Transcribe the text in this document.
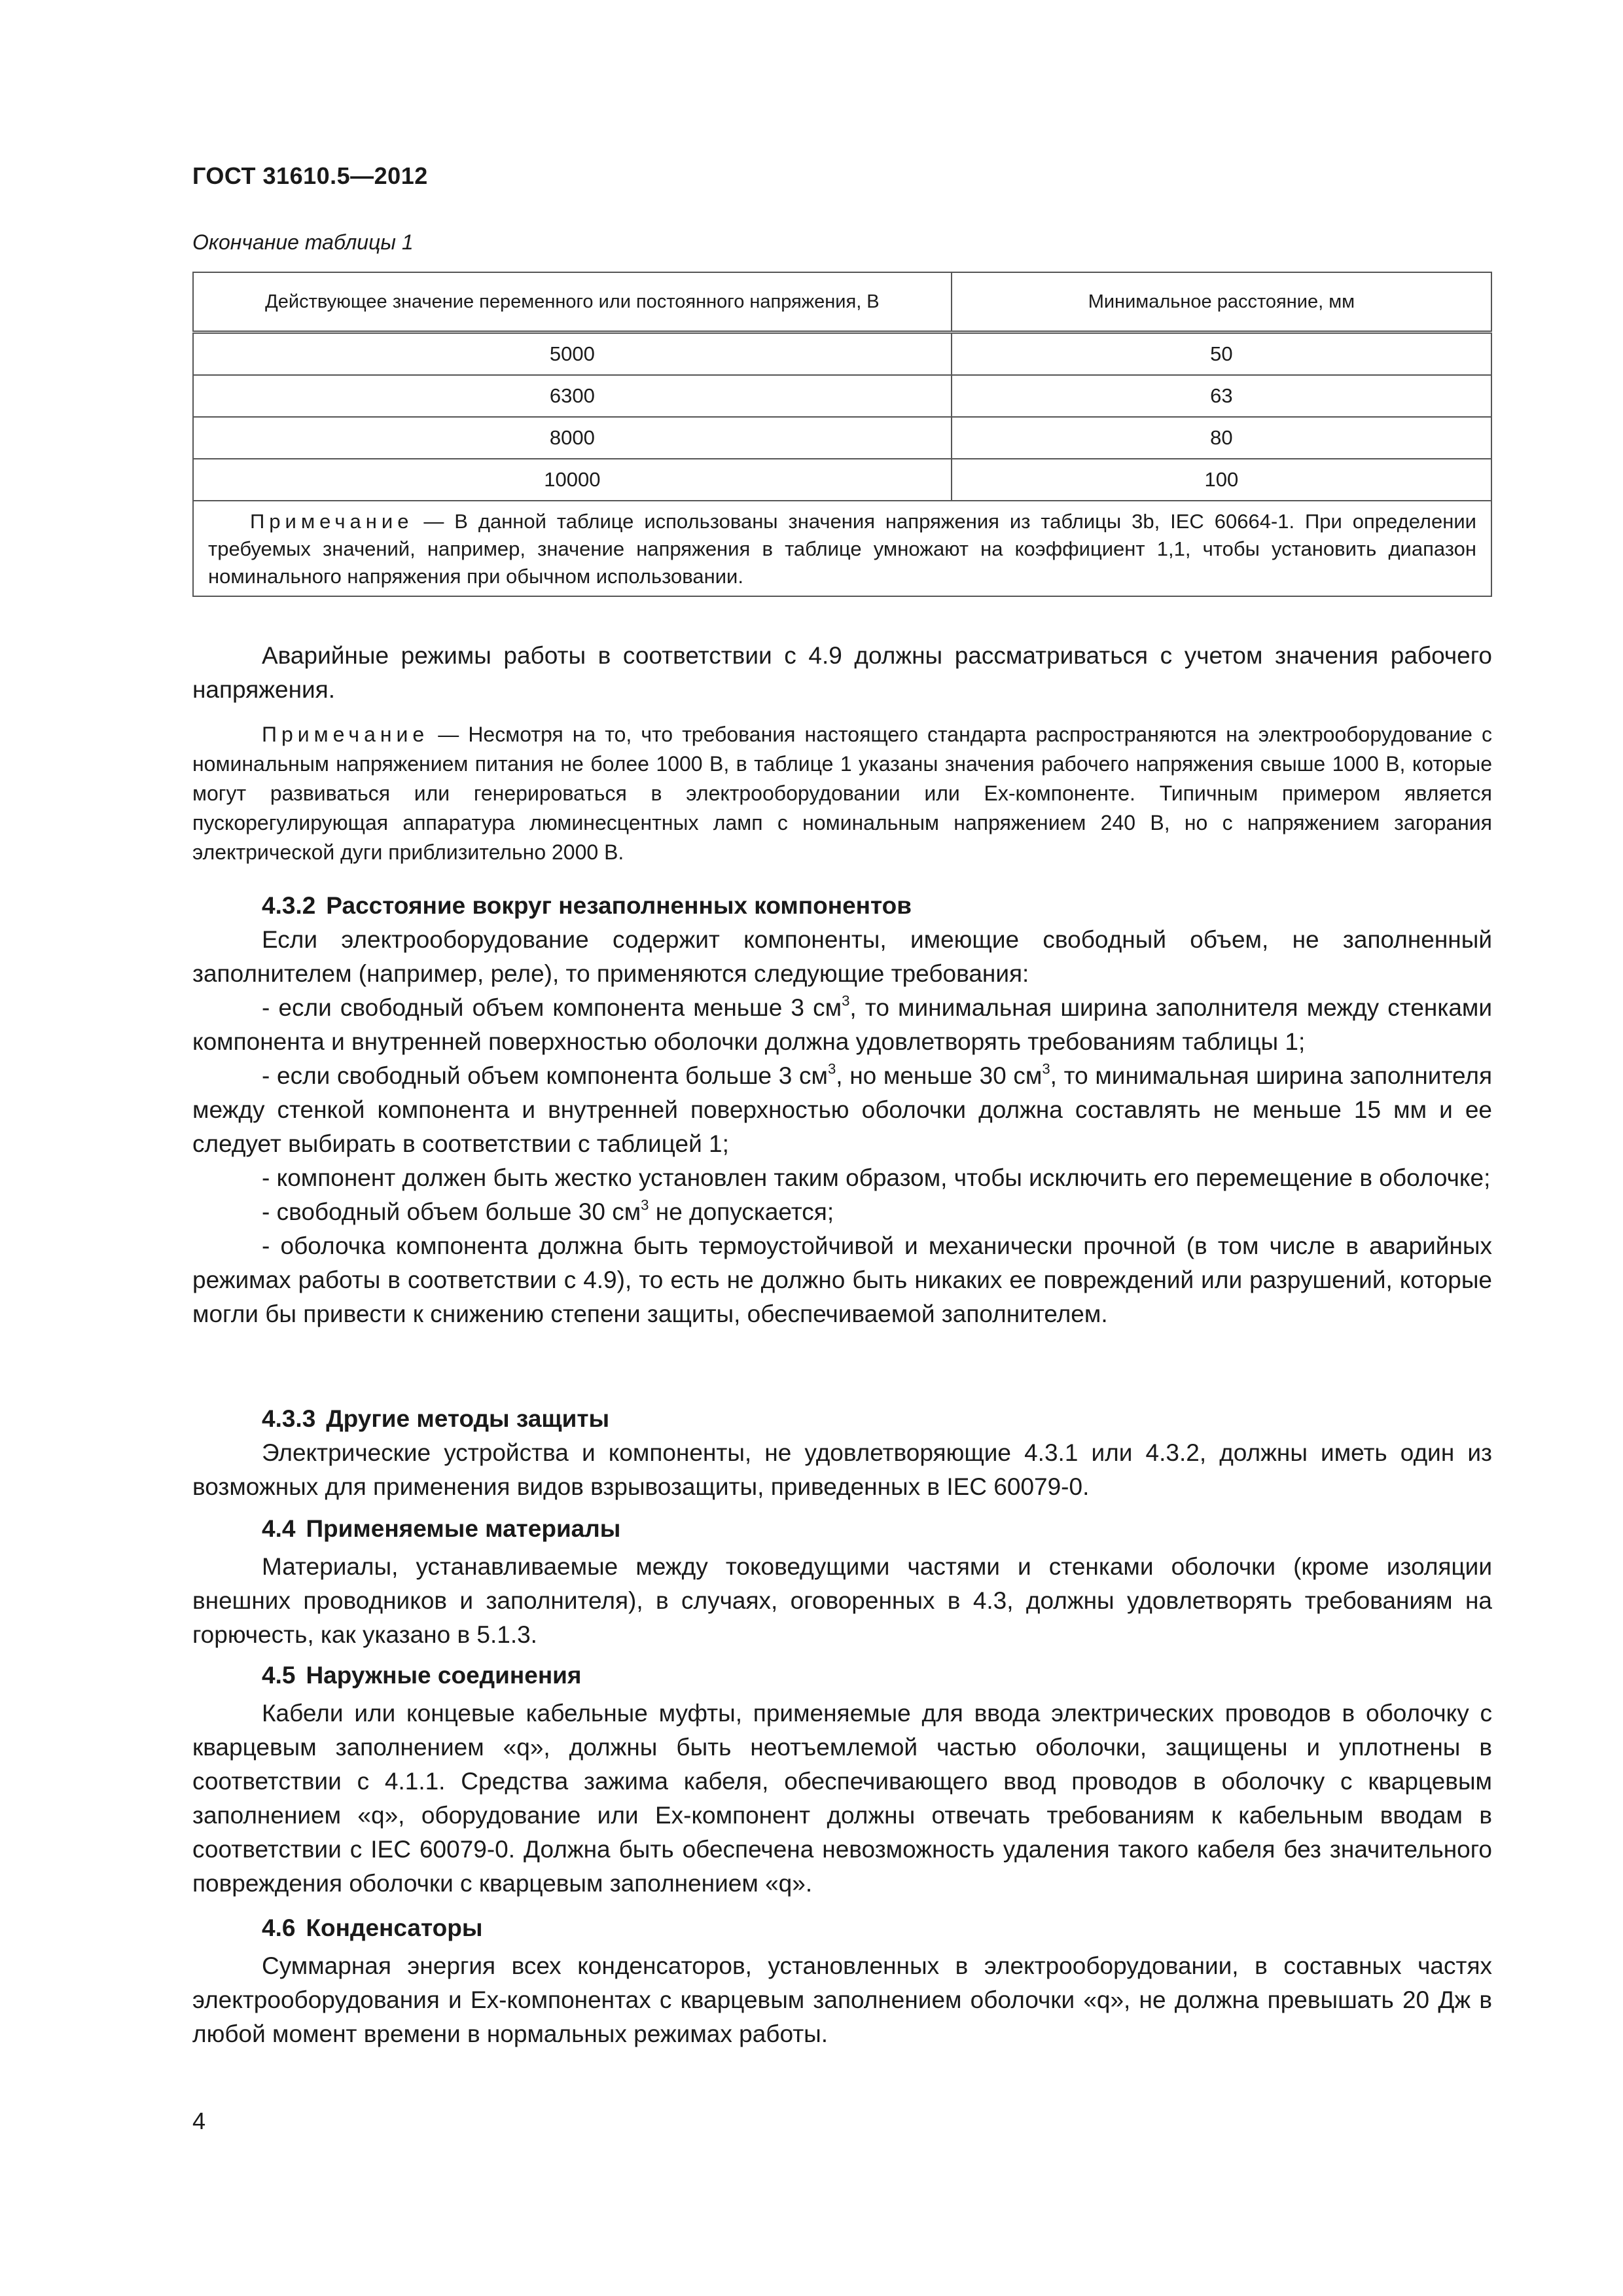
ГОСТ 31610.5—2012
Окончание таблицы 1
Действующее значение переменного или постоянного напряжения, В	Минимальное расстояние, мм
5000	50
6300	63
8000	80
10000	100
Примечание — В данной таблице использованы значения напряжения из таблицы 3b, IEC 60664-1. При определении требуемых значений, например, значение напряжения в таблице умножают на коэффициент 1,1, чтобы установить диапазон номинального напряжения при обычном использовании.	

Аварийные режимы работы в соответствии с 4.9 должны рассматриваться с учетом значения рабочего напряжения.

Примечание — Несмотря на то, что требования настоящего стандарта распространяются на электрооборудование с номинальным напряжением питания не более 1000 В, в таблице 1 указаны значения рабочего напряжения свыше 1000 В, которые могут развиваться или генерироваться в электрооборудовании или Ex-компоненте. Типичным примером является пускорегулирующая аппаратура люминесцентных ламп с номинальным напряжением 240 В, но с напряжением загорания электрической дуги приблизительно 2000 В.

4.3.2 Расстояние вокруг незаполненных компонентов

Если электрооборудование содержит компоненты, имеющие свободный объем, не заполненный заполнителем (например, реле), то применяются следующие требования:

- если свободный объем компонента меньше 3 $см^3$, то минимальная ширина заполнителя между стенками компонента и внутренней поверхностью оболочки должна удовлетворять требованиям таблицы 1;

- если свободный объем компонента больше 3 $см^3$, но меньше 30 $см^3$, то минимальная ширина заполнителя между стенкой компонента и внутренней поверхностью оболочки должна составлять не меньше 15 мм и ее следует выбирать в соответствии с таблицей 1;

- компонент должен быть жестко установлен таким образом, чтобы исключить его перемещение в оболочке;

- свободный объем больше 30 $см^3$ не допускается;

- оболочка компонента должна быть термоустойчивой и механически прочной (в том числе в аварийных режимах работы в соответствии с 4.9), то есть не должно быть никаких ее повреждений или разрушений, которые могли бы привести к снижению степени защиты, обеспечиваемой заполнителем.

4.3.3 Другие методы защиты

Электрические устройства и компоненты, не удовлетворяющие 4.3.1 или 4.3.2, должны иметь один из возможных для применения видов взрывозащиты, приведенных в IEC 60079-0.

4.4 Применяемые материалы

Материалы, устанавливаемые между токоведущими частями и стенками оболочки (кроме изоляции внешних проводников и заполнителя), в случаях, оговоренных в 4.3, должны удовлетворять требованиям на горючесть, как указано в 5.1.3.

4.5 Наружные соединения

Кабели или концевые кабельные муфты, применяемые для ввода электрических проводов в оболочку с кварцевым заполнением «q», должны быть неотъемлемой частью оболочки, защищены и уплотнены в соответствии с 4.1.1. Средства зажима кабеля, обеспечивающего ввод проводов в оболочку с кварцевым заполнением «q», оборудование или Ex-компонент должны отвечать требованиям к кабельным вводам в соответствии с IEC 60079-0. Должна быть обеспечена невозможность удаления такого кабеля без значительного повреждения оболочки с кварцевым заполнением «q».

4.6 Конденсаторы

Суммарная энергия всех конденсаторов, установленных в электрооборудовании, в составных частях электрооборудования и Ex-компонентах с кварцевым заполнением оболочки «q», не должна превышать 20 Дж в любой момент времени в нормальных режимах работы.

4
